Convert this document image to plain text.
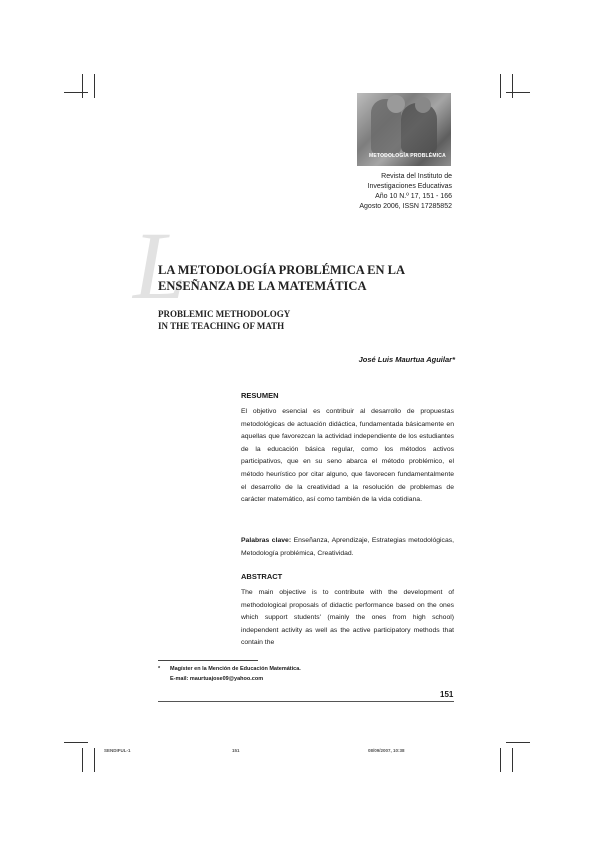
METODOLOGÍA PROBLÉMICA
Revista del Instituto de
Investigaciones Educativas
Año 10 N.º 17, 151 - 166
Agosto 2006, ISSN 17285852
L
LA METODOLOGÍA PROBLÉMICA EN LA
ENSEÑANZA DE LA MATEMÁTICA
PROBLEMIC METHODOLOGY
IN THE TEACHING OF MATH
José Luis Maurtua Aguilar*
RESUMEN
El objetivo esencial es contribuir al desarrollo de propuestas metodológicas de actuación didáctica, fundamentada básicamente en aquellas que favorezcan la actividad independiente de los estudiantes de la educación básica regular, como los métodos activos participativos, que en su seno abarca el método problémico, el método heurístico por citar alguno, que favorecen fundamentalmente el desarrollo de la creatividad a la resolución de problemas de carácter matemático, así como también de la vida cotidiana.
Palabras clave: Enseñanza, Aprendizaje, Estrategias metodológicas, Metodología problémica, Creatividad.
ABSTRACT
The main objective is to contribute with the development of methodological proposals of didactic performance based on the ones which support students' (mainly the ones from high school) independent activity as well as the active participatory methods that contain the
* Magíster en la Mención de Educación Matemática.
E-mail: maurtuajose09@yahoo.com
151
SENDIFUL-1	151	08/09/2007, 10:38
